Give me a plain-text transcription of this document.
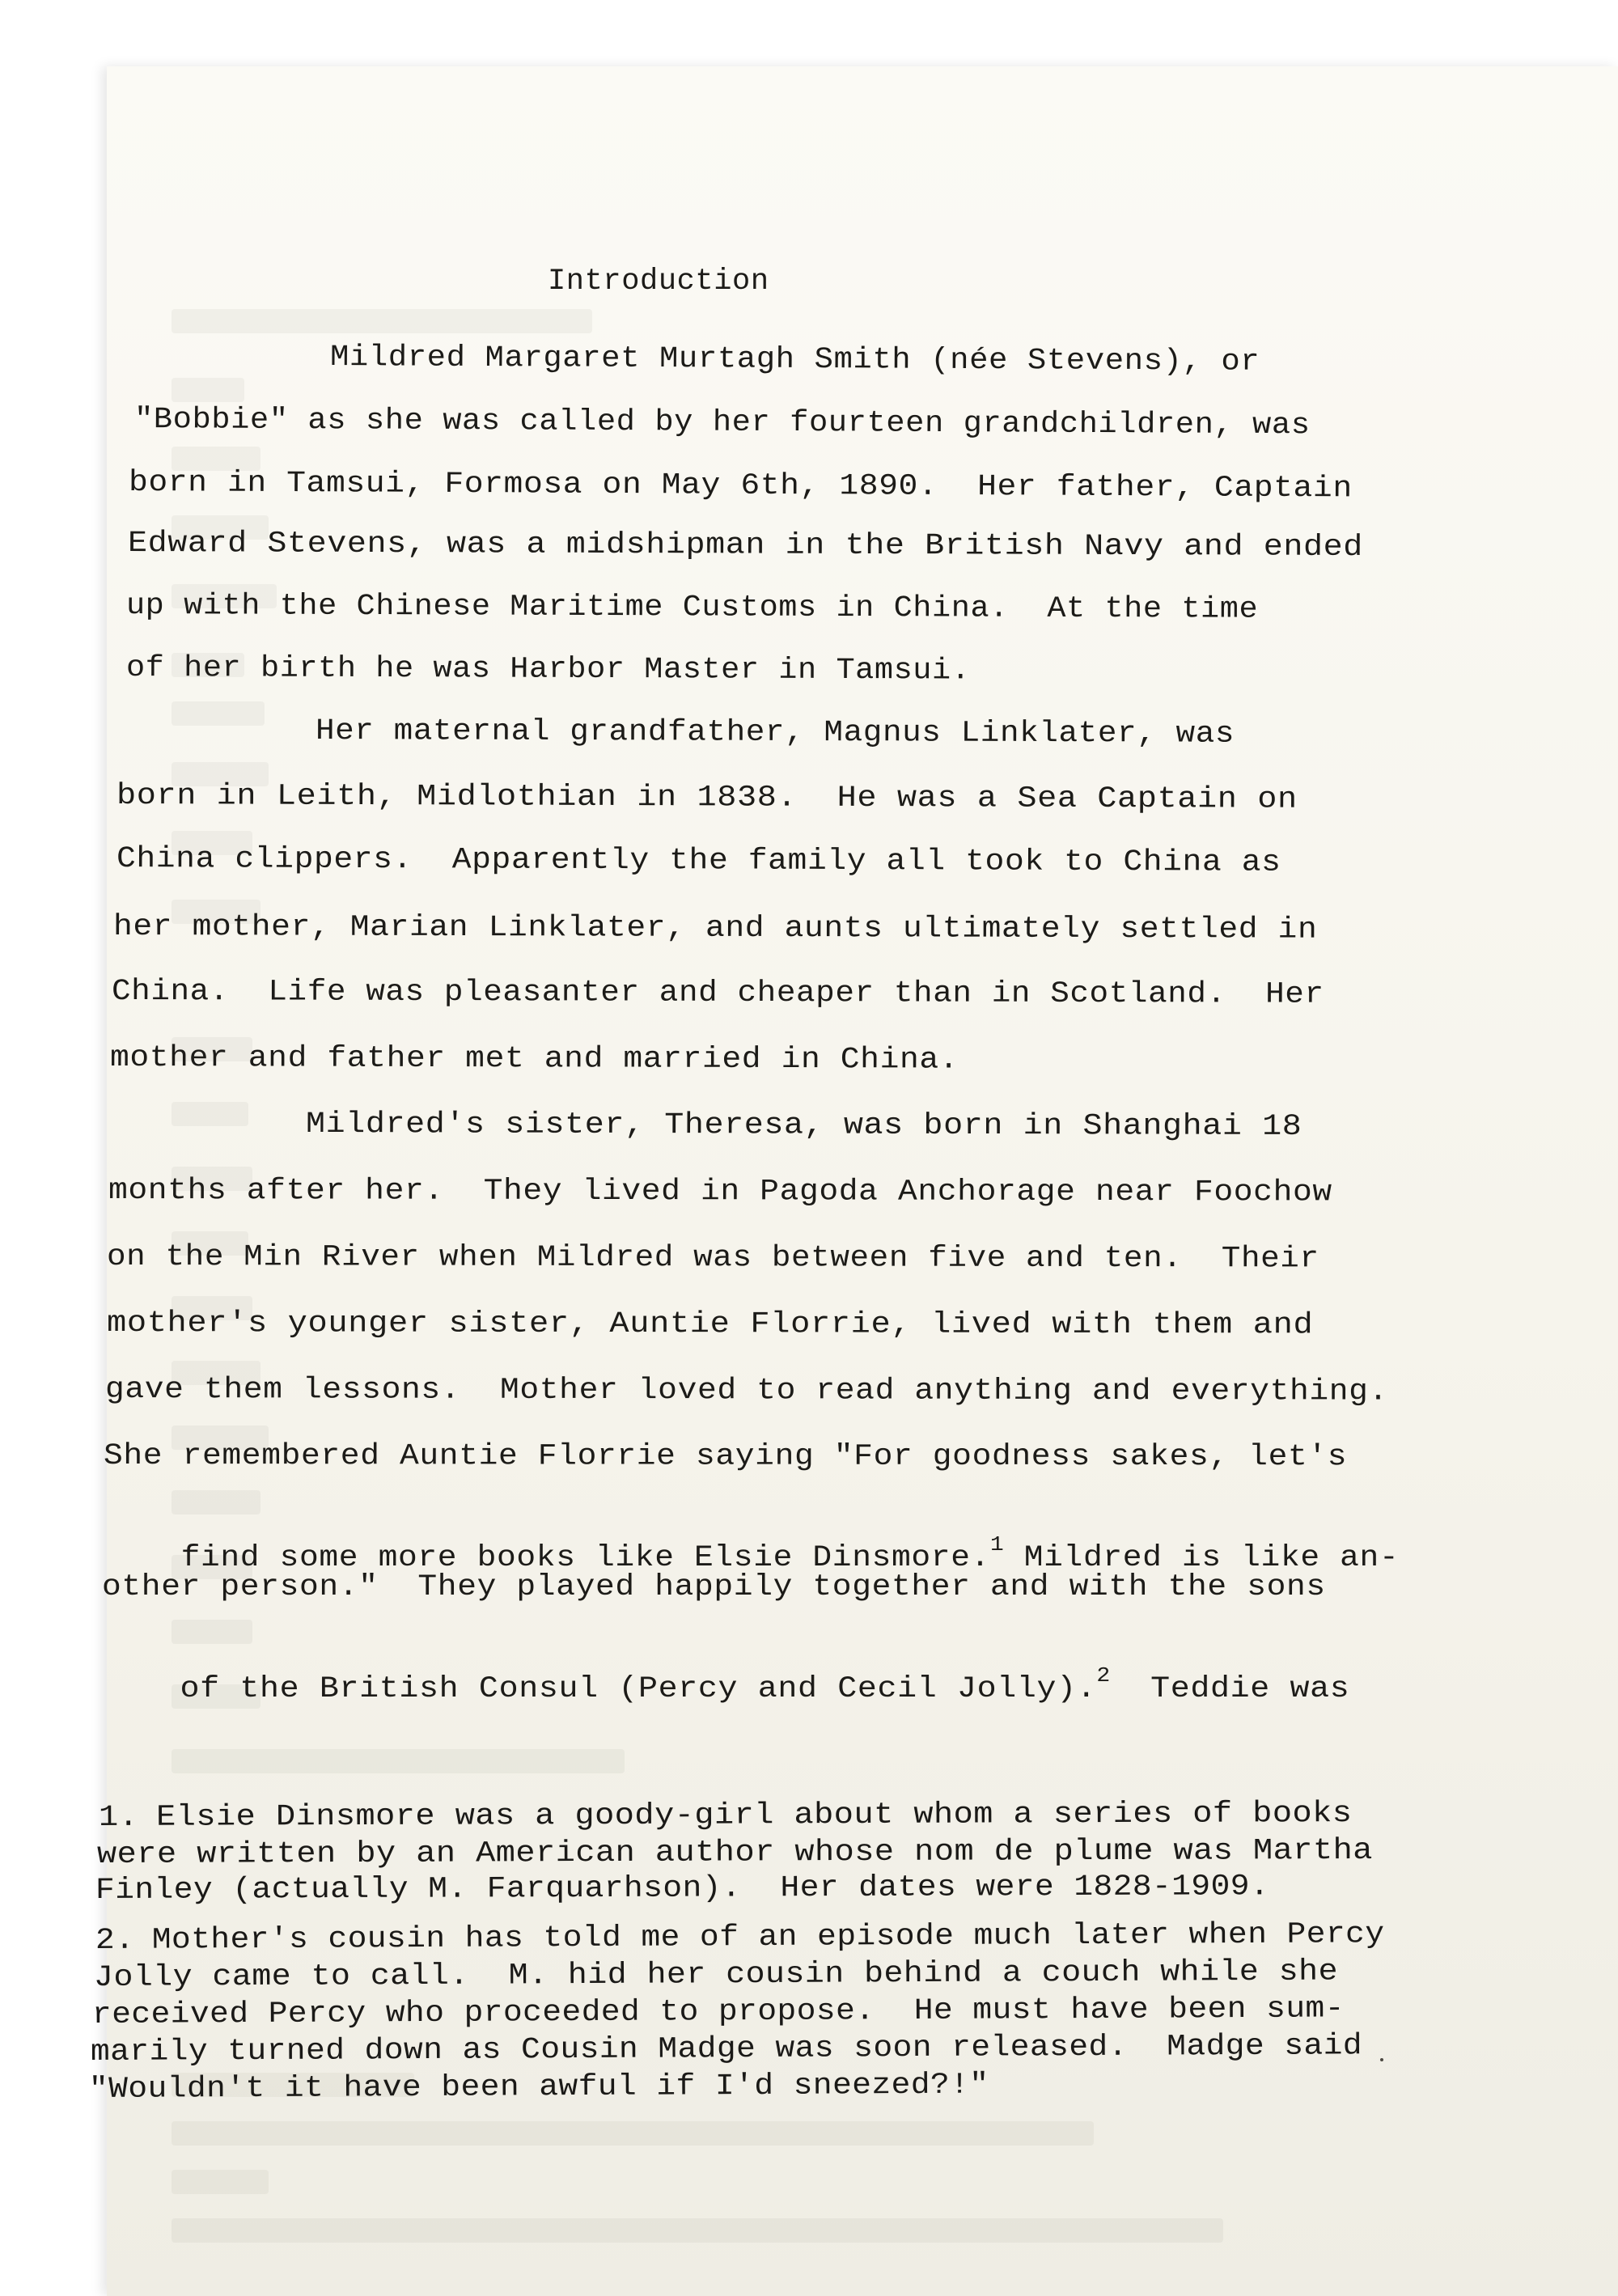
Introduction
Mildred Margaret Murtagh Smith (née Stevens), or
"Bobbie" as she was called by her fourteen grandchildren, was
born in Tamsui, Formosa on May 6th, 1890.  Her father, Captain
Edward Stevens, was a midshipman in the British Navy and ended
up with the Chinese Maritime Customs in China.  At the time
of her birth he was Harbor Master in Tamsui.
Her maternal grandfather, Magnus Linklater, was
born in Leith, Midlothian in 1838.  He was a Sea Captain on
China clippers.  Apparently the family all took to China as
her mother, Marian Linklater, and aunts ultimately settled in
China.  Life was pleasanter and cheaper than in Scotland.  Her
mother and father met and married in China.
Mildred's sister, Theresa, was born in Shanghai 18
months after her.  They lived in Pagoda Anchorage near Foochow
on the Min River when Mildred was between five and ten.  Their
mother's younger sister, Auntie Florrie, lived with them and
gave them lessons.  Mother loved to read anything and everything.
She remembered Auntie Florrie saying "For goodness sakes, let's

find some more books like Elsie Dinsmore.$^1$ Mildred is like an-

other person."  They played happily together and with the sons

of the British Consul (Percy and Cecil Jolly).$^2$  Teddie was

1. Elsie Dinsmore was a goody-girl about whom a series of books
were written by an American author whose nom de plume was Martha
Finley (actually M. Farquarhson).  Her dates were 1828-1909.
2. Mother's cousin has told me of an episode much later when Percy
Jolly came to call.  M. hid her cousin behind a couch while she
received Percy who proceeded to propose.  He must have been sum-
marily turned down as Cousin Madge was soon released.  Madge said
"Wouldn't it have been awful if I'd sneezed?!"
